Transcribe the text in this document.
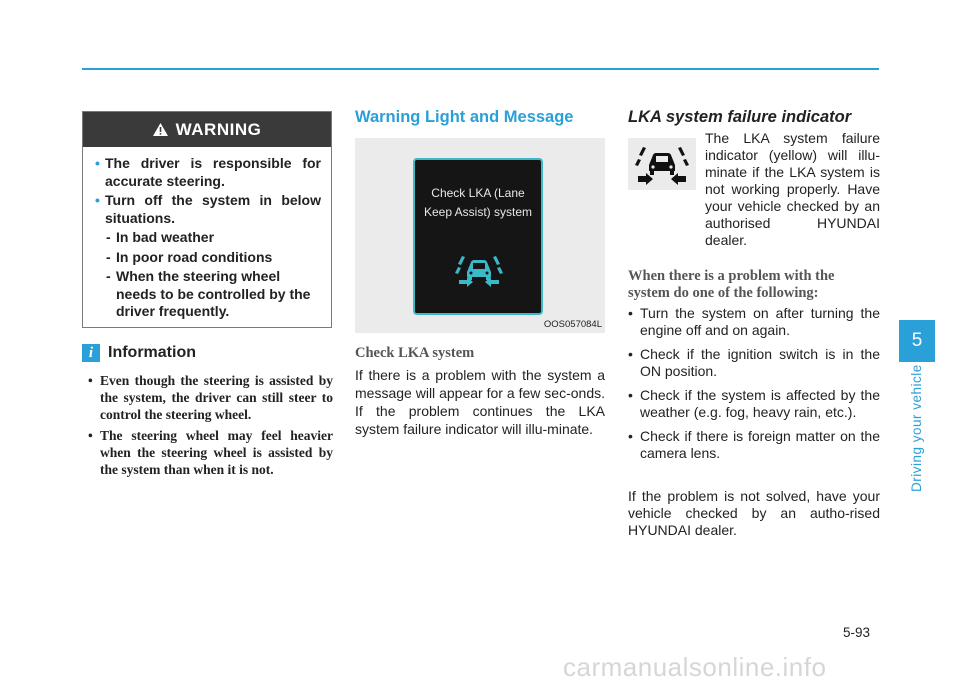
WARNING
• The driver is responsible for accurate steering.
• Turn off the system in below situations.
- In bad weather
- In poor road conditions
- When the steering wheel needs to be controlled by the driver frequently.
i Information
• Even though the steering is assisted by the system, the driver can still steer to control the steering wheel.
• The steering wheel may feel heavier when the steering wheel is assisted by the system than when it is not.
Warning Light and Message
Check LKA (Lane Keep Assist) system
OOS057084L
Check LKA system
If there is a problem with the system a message will appear for a few sec-onds. If the problem continues the LKA system failure indicator will illu-minate.
LKA system failure indicator
The LKA system failure indicator (yellow) will illu-minate if the LKA system is not working properly. Have your vehicle checked by an authorised HYUNDAI dealer.
When there is a problem with the system do one of the following:
• Turn the system on after turning the engine off and on again.
• Check if the ignition switch is in the ON position.
• Check if the system is affected by the weather (e.g. fog, heavy rain, etc.).
• Check if there is foreign matter on the camera lens.
If the problem is not solved, have your vehicle checked by an autho-rised HYUNDAI dealer.
5
Driving your vehicle
5-93
carmanualsonline.info
